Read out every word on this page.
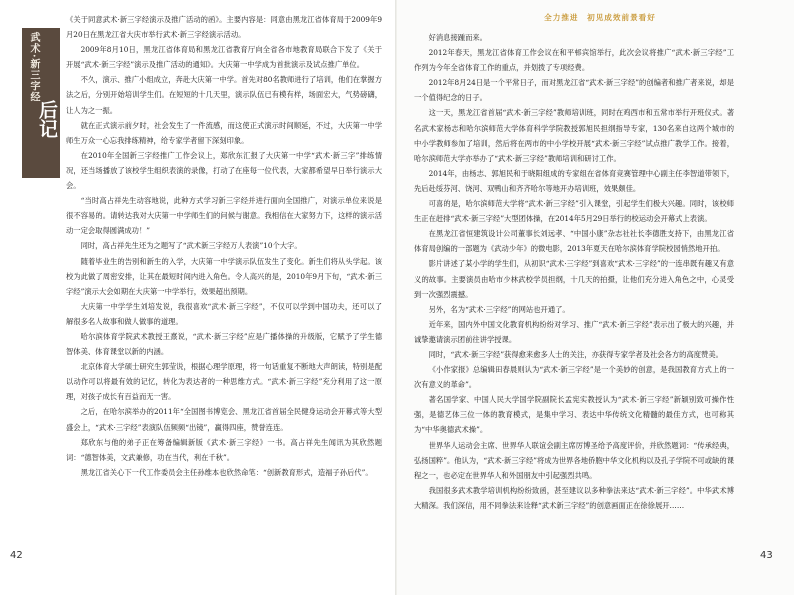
武术·新三字经
后记

《关于同意武术·新三字经演示及推广活动的函》。主要内容是：同意由黑龙江省体育局于2009年9月20日在黑龙江省大庆市举行武术·新三字经演示活动。

2009年8月10日，黑龙江省体育局和黑龙江省教育厅向全省各市地教育局联合下发了《关于开展“武术·新三字经”演示及推广活动的通知》。大庆第一中学成为首批演示及试点推广单位。

不久，演示、推广小组成立，奔赴大庆第一中学。首先对80名教师进行了培训，他们在掌握方法之后，分别开始培训学生们。在短短的十几天里，演示队伍已有模有样，场面宏大，气势磅礴，让人为之一振。

就在正式演示前夕时，社会发生了一件流感，而这使正式演示时间顺延，不过，大庆第一中学师生万众一心忘我排练精神，给专家学者留下深刻印象。

在2010年全国新三字经推广工作会议上，郑欣东汇报了大庆第一中学“武术·新三字”排练情况，还当场播放了该校学生组织表演的录像，打动了在座每一位代表，大家都希望早日举行演示大会。

“当时高占祥先生动容地说，此种方式学习新三字经并进行面向全国推广，对演示单位来说是很不容易的。请转达我对大庆第一中学师生们的问候与谢意。我相信在大家努力下，这样的演示活动一定会取得圆满成功！”

同时，高占祥先生还为之题写了“武术新三字经万人表演”10个大字。

随着毕业生的告别和新生的入学，大庆第一中学演示队伍发生了变化。新生们将从头学起。该校为此做了周密安排，让其在最短时间内进入角色。令人高兴的是，2010年9月下旬，“武术·新三字经”演示大会如期在大庆第一中学举行，效果超出预期。

大庆第一中学学生刘培发说，我很喜欢“武术·新三字经”，不仅可以学到中国功夫，还可以了解很多名人故事和做人做事的道理。

哈尔滨体育学院武术教授王熹说，“武术·新三字经”应是广播体操的升级版，它赋予了学生德智体美、体育课堂以新的内涵。

北京体育大学硕士研究生郭莹说，根据心理学原理，将一句话重复不断地大声朗读，特别是配以动作可以将最有效的记忆，转化为表达者的一种思维方式。“武术·新三字经”充分利用了这一原理，对孩子成长有百益而无一害。

之后，在哈尔滨举办的2011年“全国图书博览会、黑龙江省首届全民健身运动会开幕式等大型盛会上，“武术·三字经”表演队伍频频“出镜”，赢得四座，赞誉连连。

郑欣东与他的弟子正在筹备编辑新版《武术·新三字经》一书。高占祥先生闻讯为其欣然题词：“德智体美，文武兼修，功在当代，利在千秋”。

黑龙江省关心下一代工作委员会主任孙维本也欣然命笔：“创新教育形式，造福子孙后代”。

42
全力推进　初见成效前景看好

好消息接踵而来。

2012年春天，黑龙江省体育工作会议在和平邨宾馆举行，此次会议将推广“武术·新三字经”工作列为今年全省体育工作的重点，并划拨了专项经费。

2012年8月24日是一个平常日子，而对黑龙江省“武术·新三字经”的创编者和推广者来说，却是一个值得纪念的日子。

这一天，黑龙江省首届“武术·新三字经”教师培训班，同时在鸡西市和五常市举行开班仪式。著名武术家杨志和哈尔滨师范大学体育科学学院教授郭旭民担纲指导专家，130名来自这两个城市的中小学教师参加了培训，然后将在两市的中小学校开展“武术·新三字经”试点推广教学工作。接着，哈尔滨师范大学亦举办了“武术·新三字经”教师培训和研讨工作。

2014年，由杨志、郭旭民和于晓阳组成的专家组在省体育竞赛管理中心副主任李智道带领下，先后赴绥芬河、饶河、双鸭山和齐齐哈尔等地开办培训班，效果颇佳。

可喜的是，哈尔滨师范大学将“武术·新三字经”引入课堂，引起学生们极大兴趣。同时，该校师生正在赶排“武术·新三字经”大型团体操，在2014年5月29日举行的校运动会开幕式上表演。

在黑龙江省恒建筑设计公司董事长刘远孝、“中国小康”杂志社社长李德胜支持下，由黑龙江省体育局创编的一部题为《武动少年》的微电影，2013年夏天在哈尔滨体育学院校园悄然地开拍。

影片讲述了某小学的学生们，从初识“武术·三字经”到喜欢“武术·三字经”的一连串既有趣又有意义的故事。主要演员由哈市少林武校学员担纲，十几天的拍摄，让他们充分进入角色之中，心灵受到一次强烈震撼。

另外，名为“武术·三字经”的网站也开通了。

近年来，国内外中国文化教育机构纷纷对学习、推广“武术·新三字经”表示出了极大的兴趣，并诚挚邀请演示团前往讲学授课。

同时，“武术·新三字经”获得愈来愈多人士的关注，亦获得专家学者及社会各方的高度赞美。

《小作家报》总编辑田春晨则认为“武术·新三字经”是一个美妙的创意，是我国教育方式上的一次有意义的革命”。

著名国学家、中国人民大学国学院副院长孟宪实教授认为“武术·新三字经”新颖别致可操作性强，是德艺体三位一体的教育模式，是集中学习、表达中华传统文化精髓的最佳方式，也可称其为“中华奥德武术操”。

世界华人运动会主席、世界华人联谊会副主席厉博圣给予高度评价，并欣然题词：“传承经典，弘扬国粹”。他认为，“武术·新三字经”将成为世界各地侨胞中华文化机构以及孔子学院不可或缺的课程之一，也必定在世界华人和外国朋友中引起强烈共鸣。

我国很多武术教学培训机构纷纷致函，甚至建议以多种拳法来达“武术·新三字经”。中华武术博大精深。我们深信，用不同拳法来诠释“武术新三字经”的创意画面正在徐徐展开……

43
